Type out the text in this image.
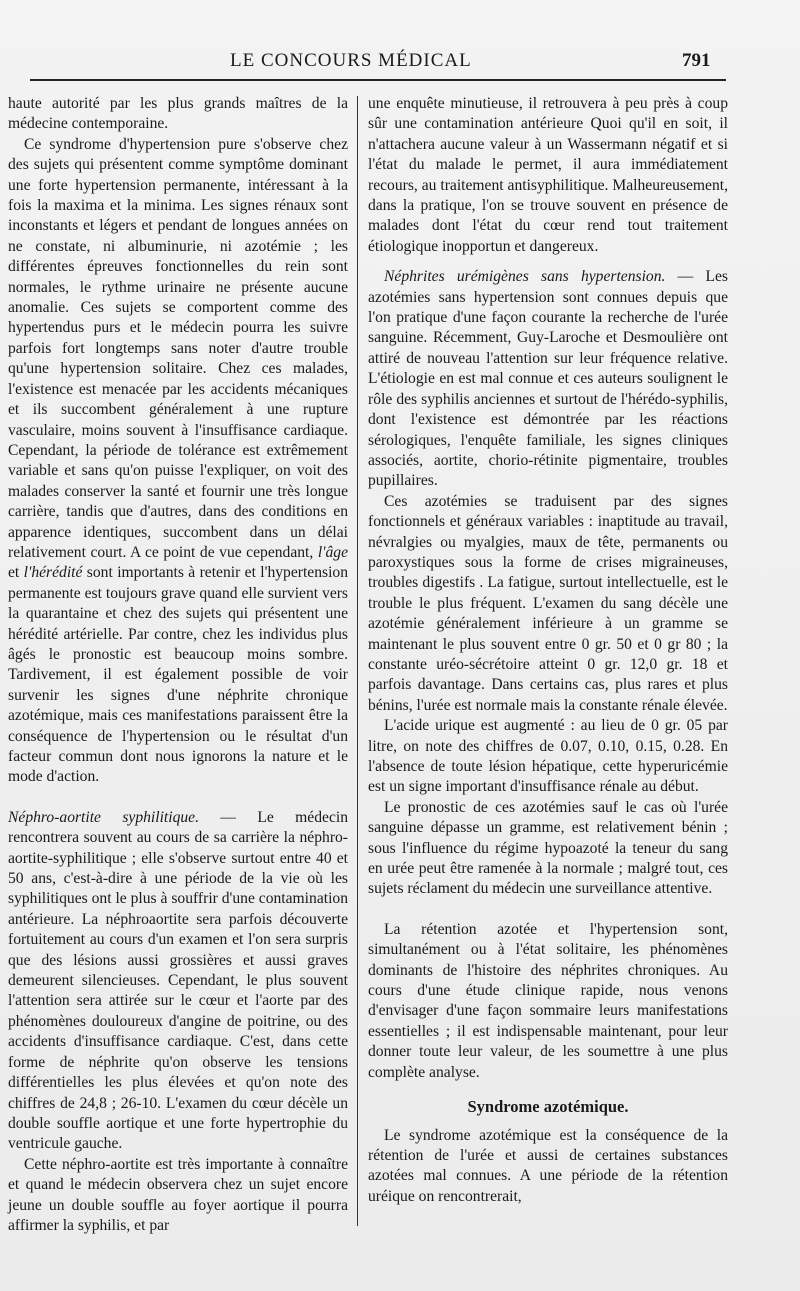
LE CONCOURS MÉDICAL	791

haute autorité par les plus grands maîtres de la médecine contemporaine.

Ce syndrome d'hypertension pure s'observe chez des sujets qui présentent comme symptôme dominant une forte hypertension permanente, intéressant à la fois la maxima et la minima. Les signes rénaux sont inconstants et légers et pendant de longues années on ne constate, ni albuminurie, ni azotémie ; les différentes épreuves fonctionnelles du rein sont normales, le rythme urinaire ne présente aucune anomalie. Ces sujets se comportent comme des hypertendus purs et le médecin pourra les suivre parfois fort longtemps sans noter d'autre trouble qu'une hypertension solitaire. Chez ces malades, l'existence est menacée par les accidents mécaniques et ils succombent généralement à une rupture vasculaire, moins souvent à l'insuffisance cardiaque. Cependant, la période de tolérance est extrêmement variable et sans qu'on puisse l'expliquer, on voit des malades conserver la santé et fournir une très longue carrière, tandis que d'autres, dans des conditions en apparence identiques, succombent dans un délai relativement court. A ce point de vue cependant, l'âge et l'hérédité sont importants à retenir et l'hypertension permanente est toujours grave quand elle survient vers la quarantaine et chez des sujets qui présentent une hérédité artérielle. Par contre, chez les individus plus âgés le pronostic est beaucoup moins sombre. Tardivement, il est également possible de voir survenir les signes d'une néphrite chronique azotémique, mais ces manifestations paraissent être la conséquence de l'hypertension ou le résultat d'un facteur commun dont nous ignorons la nature et le mode d'action.

Néphro-aortite syphilitique. — Le médecin rencontrera souvent au cours de sa carrière la néphro-aortite-syphilitique ; elle s'observe surtout entre 40 et 50 ans, c'est-à-dire à une période de la vie où les syphilitiques ont le plus à souffrir d'une contamination antérieure. La néphroaortite sera parfois découverte fortuitement au cours d'un examen et l'on sera surpris que des lésions aussi grossières et aussi graves demeurent silencieuses. Cependant, le plus souvent l'attention sera attirée sur le cœur et l'aorte par des phénomènes douloureux d'angine de poitrine, ou des accidents d'insuffisance cardiaque. C'est, dans cette forme de néphrite qu'on observe les tensions différentielles les plus élevées et qu'on note des chiffres de 24,8 ; 26-10. L'examen du cœur décèle un double souffle aortique et une forte hypertrophie du ventricule gauche.

Cette néphro-aortite est très importante à connaître et quand le médecin observera chez un sujet encore jeune un double souffle au foyer aortique il pourra affirmer la syphilis, et par

une enquête minutieuse, il retrouvera à peu près à coup sûr une contamination antérieure Quoi qu'il en soit, il n'attachera aucune valeur à un Wassermann négatif et si l'état du malade le permet, il aura immédiatement recours, au traitement antisyphilitique. Malheureusement, dans la pratique, l'on se trouve souvent en présence de malades dont l'état du cœur rend tout traitement étiologique inopportun et dangereux.

Néphrites urémigènes sans hypertension. — Les azotémies sans hypertension sont connues depuis que l'on pratique d'une façon courante la recherche de l'urée sanguine. Récemment, Guy-Laroche et Desmoulière ont attiré de nouveau l'attention sur leur fréquence relative. L'étiologie en est mal connue et ces auteurs soulignent le rôle des syphilis anciennes et surtout de l'hérédo-syphilis, dont l'existence est démontrée par les réactions sérologiques, l'enquête familiale, les signes cliniques associés, aortite, chorio-rétinite pigmentaire, troubles pupillaires.

Ces azotémies se traduisent par des signes fonctionnels et généraux variables : inaptitude au travail, névralgies ou myalgies, maux de tête, permanents ou paroxystiques sous la forme de crises migraineuses, troubles digestifs . La fatigue, surtout intellectuelle, est le trouble le plus fréquent. L'examen du sang décèle une azotémie généralement inférieure à un gramme se maintenant le plus souvent entre 0 gr. 50 et 0 gr 80 ; la constante uréo-sécrétoire atteint 0 gr. 12,0 gr. 18 et parfois davantage. Dans certains cas, plus rares et plus bénins, l'urée est normale mais la constante rénale élevée.

L'acide urique est augmenté : au lieu de 0 gr. 05 par litre, on note des chiffres de 0.07, 0.10, 0.15, 0.28. En l'absence de toute lésion hépatique, cette hyperuricémie est un signe important d'insuffisance rénale au début.

Le pronostic de ces azotémies sauf le cas où l'urée sanguine dépasse un gramme, est relativement bénin ; sous l'influence du régime hypoazoté la teneur du sang en urée peut être ramenée à la normale ; malgré tout, ces sujets réclament du médecin une surveillance attentive.

La rétention azotée et l'hypertension sont, simultanément ou à l'état solitaire, les phénomènes dominants de l'histoire des néphrites chroniques. Au cours d'une étude clinique rapide, nous venons d'envisager d'une façon sommaire leurs manifestations essentielles ; il est indispensable maintenant, pour leur donner toute leur valeur, de les soumettre à une plus complète analyse.

Syndrome azotémique.

Le syndrome azotémique est la conséquence de la rétention de l'urée et aussi de certaines substances azotées mal connues. A une période de la rétention uréique on rencontrerait,
